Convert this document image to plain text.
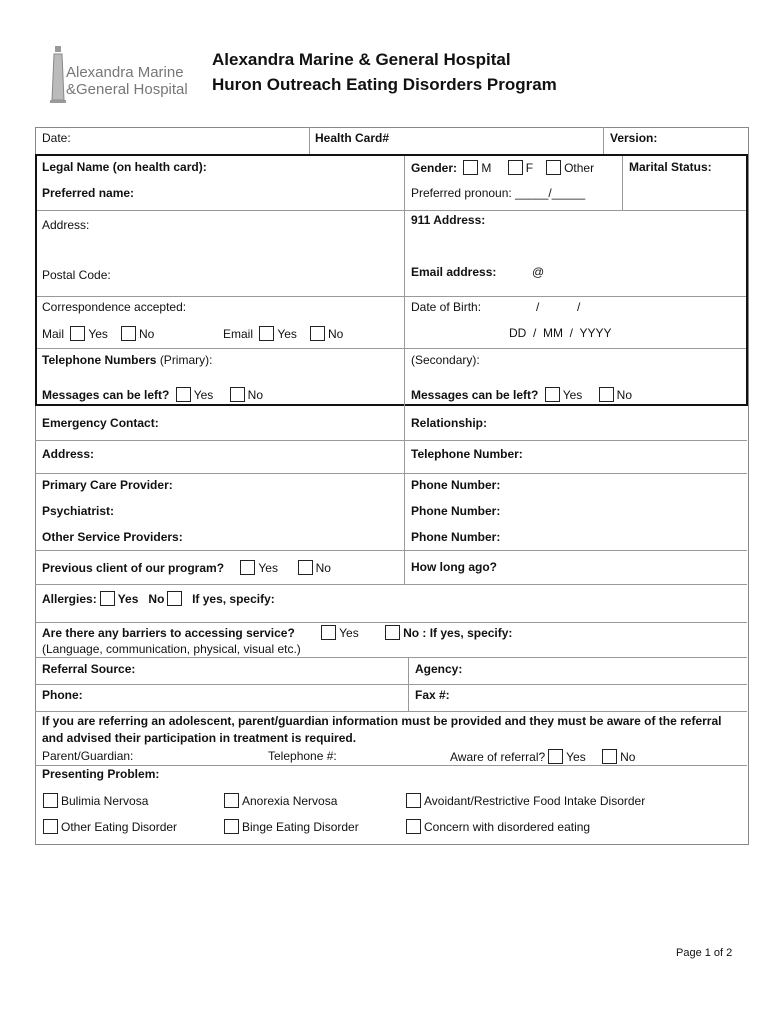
Alexandra Marine
&General Hospital
Alexandra Marine & General Hospital
Huron Outreach Eating Disorders Program
Date:	Health Card#	Version:
Legal Name (on health card):	Gender: M	F	Other	Marital Status:
Preferred name:	Preferred pronoun: _____/_____
Address:	911 Address:
Postal Code:	Email address:	@
Correspondence accepted:	Date of Birth:	/	/
Mail Yes	No	Email Yes	No	DD  /  MM  /  YYYY
Telephone Numbers (Primary):	(Secondary):
Messages can be left? Yes	No	Messages can be left? Yes	No
Emergency Contact:	Relationship:
Address:	Telephone Number:
Primary Care Provider:	Phone Number:
Psychiatrist:	Phone Number:
Other Service Providers:	Phone Number:
Previous client of our program?	Yes	No	How long ago?
Allergies: Yes No If yes, specify:
Are there any barriers to accessing service?	Yes	No : If yes, specify:
(Language, communication, physical, visual etc.)
Referral Source:	Agency:
Phone:	Fax #:
If you are referring an adolescent, parent/guardian information must be provided and they must be aware of the referral
and advised their participation in treatment is required.
Parent/Guardian:	Telephone #:	Aware of referral? Yes	No
Presenting Problem:
Bulimia Nervosa	Anorexia Nervosa	Avoidant/Restrictive Food Intake Disorder
Other Eating Disorder	Binge Eating Disorder	Concern with disordered eating
Page 1 of 2
